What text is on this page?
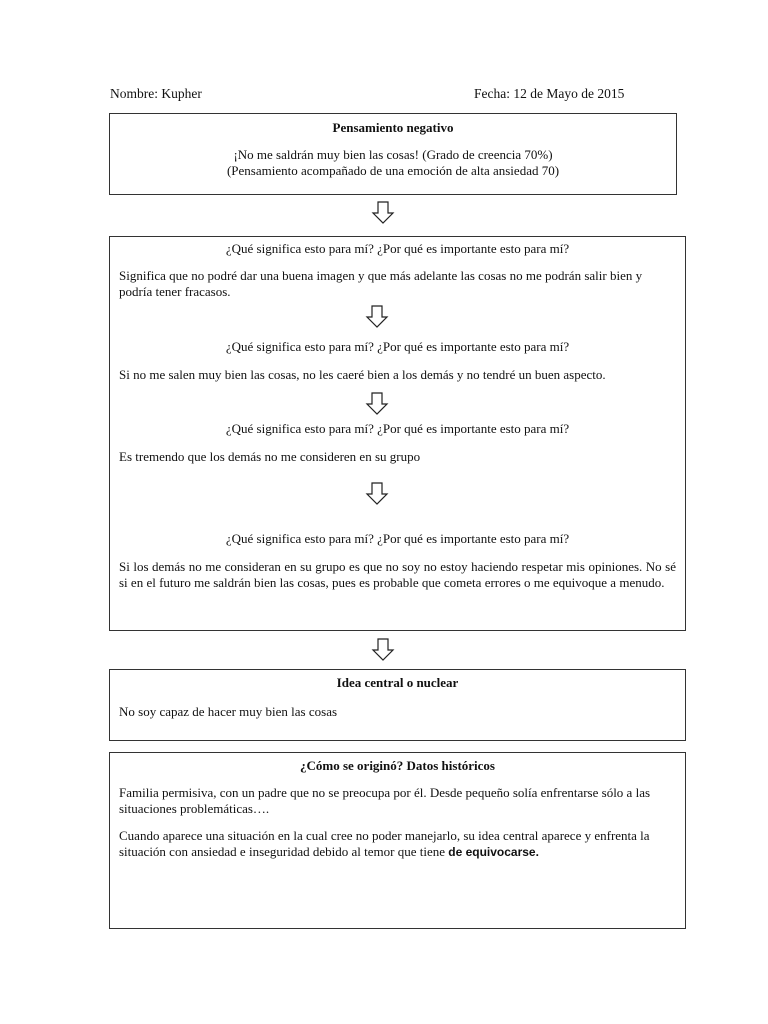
Nombre: Kupher	Fecha: 12 de Mayo de 2015
Pensamiento negativo
¡No me saldrán muy bien las cosas! (Grado de creencia 70%)
(Pensamiento acompañado de una emoción de alta ansiedad 70)
¿Qué significa esto para mí? ¿Por qué es importante esto para mí?
Significa que no podré dar una buena imagen y que más adelante las cosas no me podrán salir bien y podría tener fracasos.
¿Qué significa esto para mí? ¿Por qué es importante esto para mí?
Si no me salen muy bien las cosas, no les caeré bien a los demás y no tendré un buen aspecto.
¿Qué significa esto para mí? ¿Por qué es importante esto para mí?
Es tremendo que los demás no me consideren en su grupo
¿Qué significa esto para mí? ¿Por qué es importante esto para mí?
Si los demás no me consideran en su grupo es que no soy no estoy haciendo respetar mis opiniones. No sé si en el futuro me saldrán bien las cosas, pues es probable que cometa errores o me equivoque a menudo.
Idea central o nuclear
No soy capaz de hacer muy bien las cosas
¿Cómo se originó? Datos históricos
Familia permisiva, con un padre que no se preocupa por él. Desde pequeño solía enfrentarse sólo a las situaciones problemáticas….
Cuando aparece una situación en la cual cree no poder manejarlo, su idea central aparece y enfrenta la situación con ansiedad e inseguridad debido al temor que tiene de equivocarse.
